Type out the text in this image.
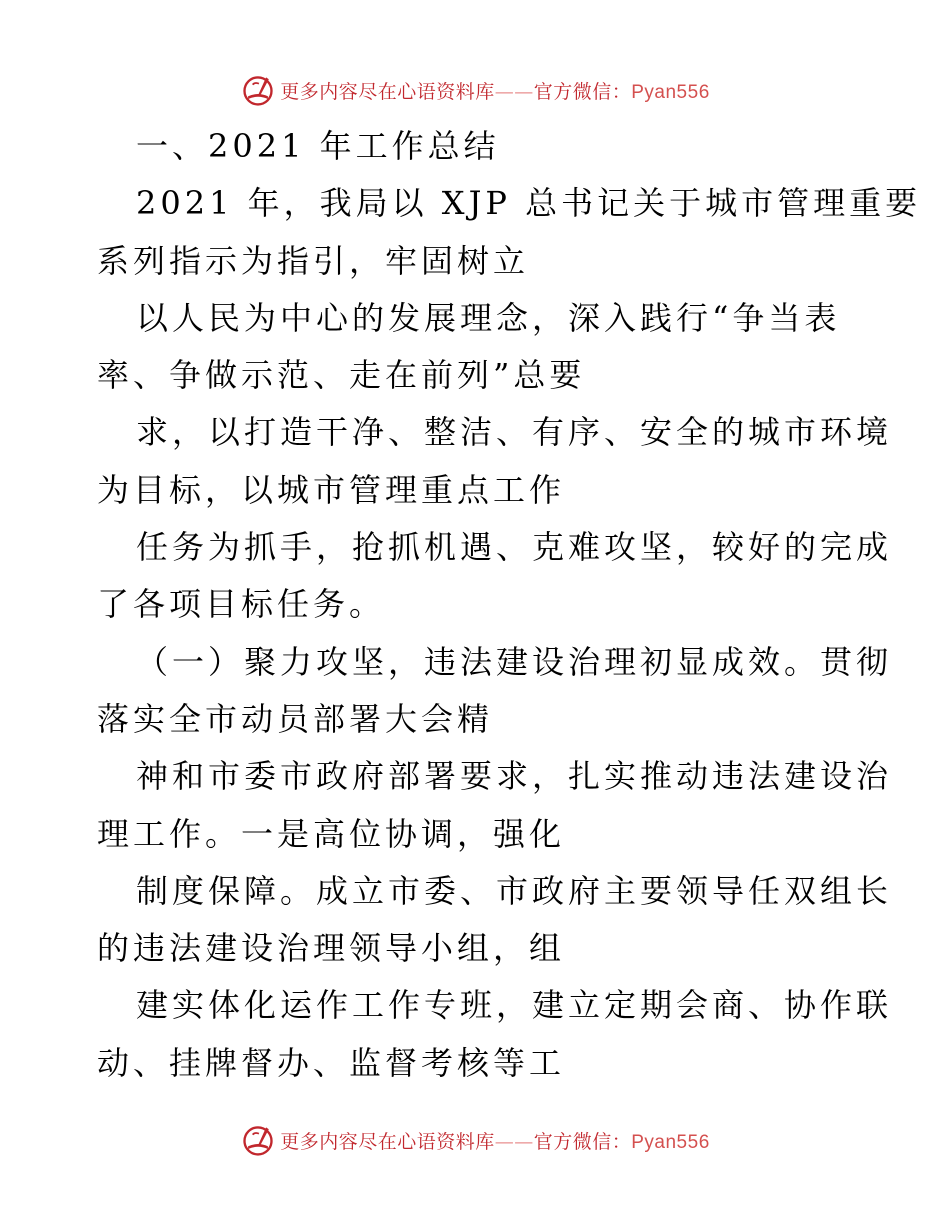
更多内容尽在心语资料库——官方微信：Pyan556
一、2021 年工作总结
2021 年，我局以 XJP 总书记关于城市管理重要
系列指示为指引，牢固树立
以人民为中心的发展理念，深入践行“争当表
率、争做示范、走在前列”总要
求，以打造干净、整洁、有序、安全的城市环境
为目标，以城市管理重点工作
任务为抓手，抢抓机遇、克难攻坚，较好的完成
了各项目标任务。
（一）聚力攻坚，违法建设治理初显成效。贯彻
落实全市动员部署大会精
神和市委市政府部署要求，扎实推动违法建设治
理工作。一是高位协调，强化
制度保障。成立市委、市政府主要领导任双组长
的违法建设治理领导小组，组
建实体化运作工作专班，建立定期会商、协作联
动、挂牌督办、监督考核等工
更多内容尽在心语资料库——官方微信：Pyan556
